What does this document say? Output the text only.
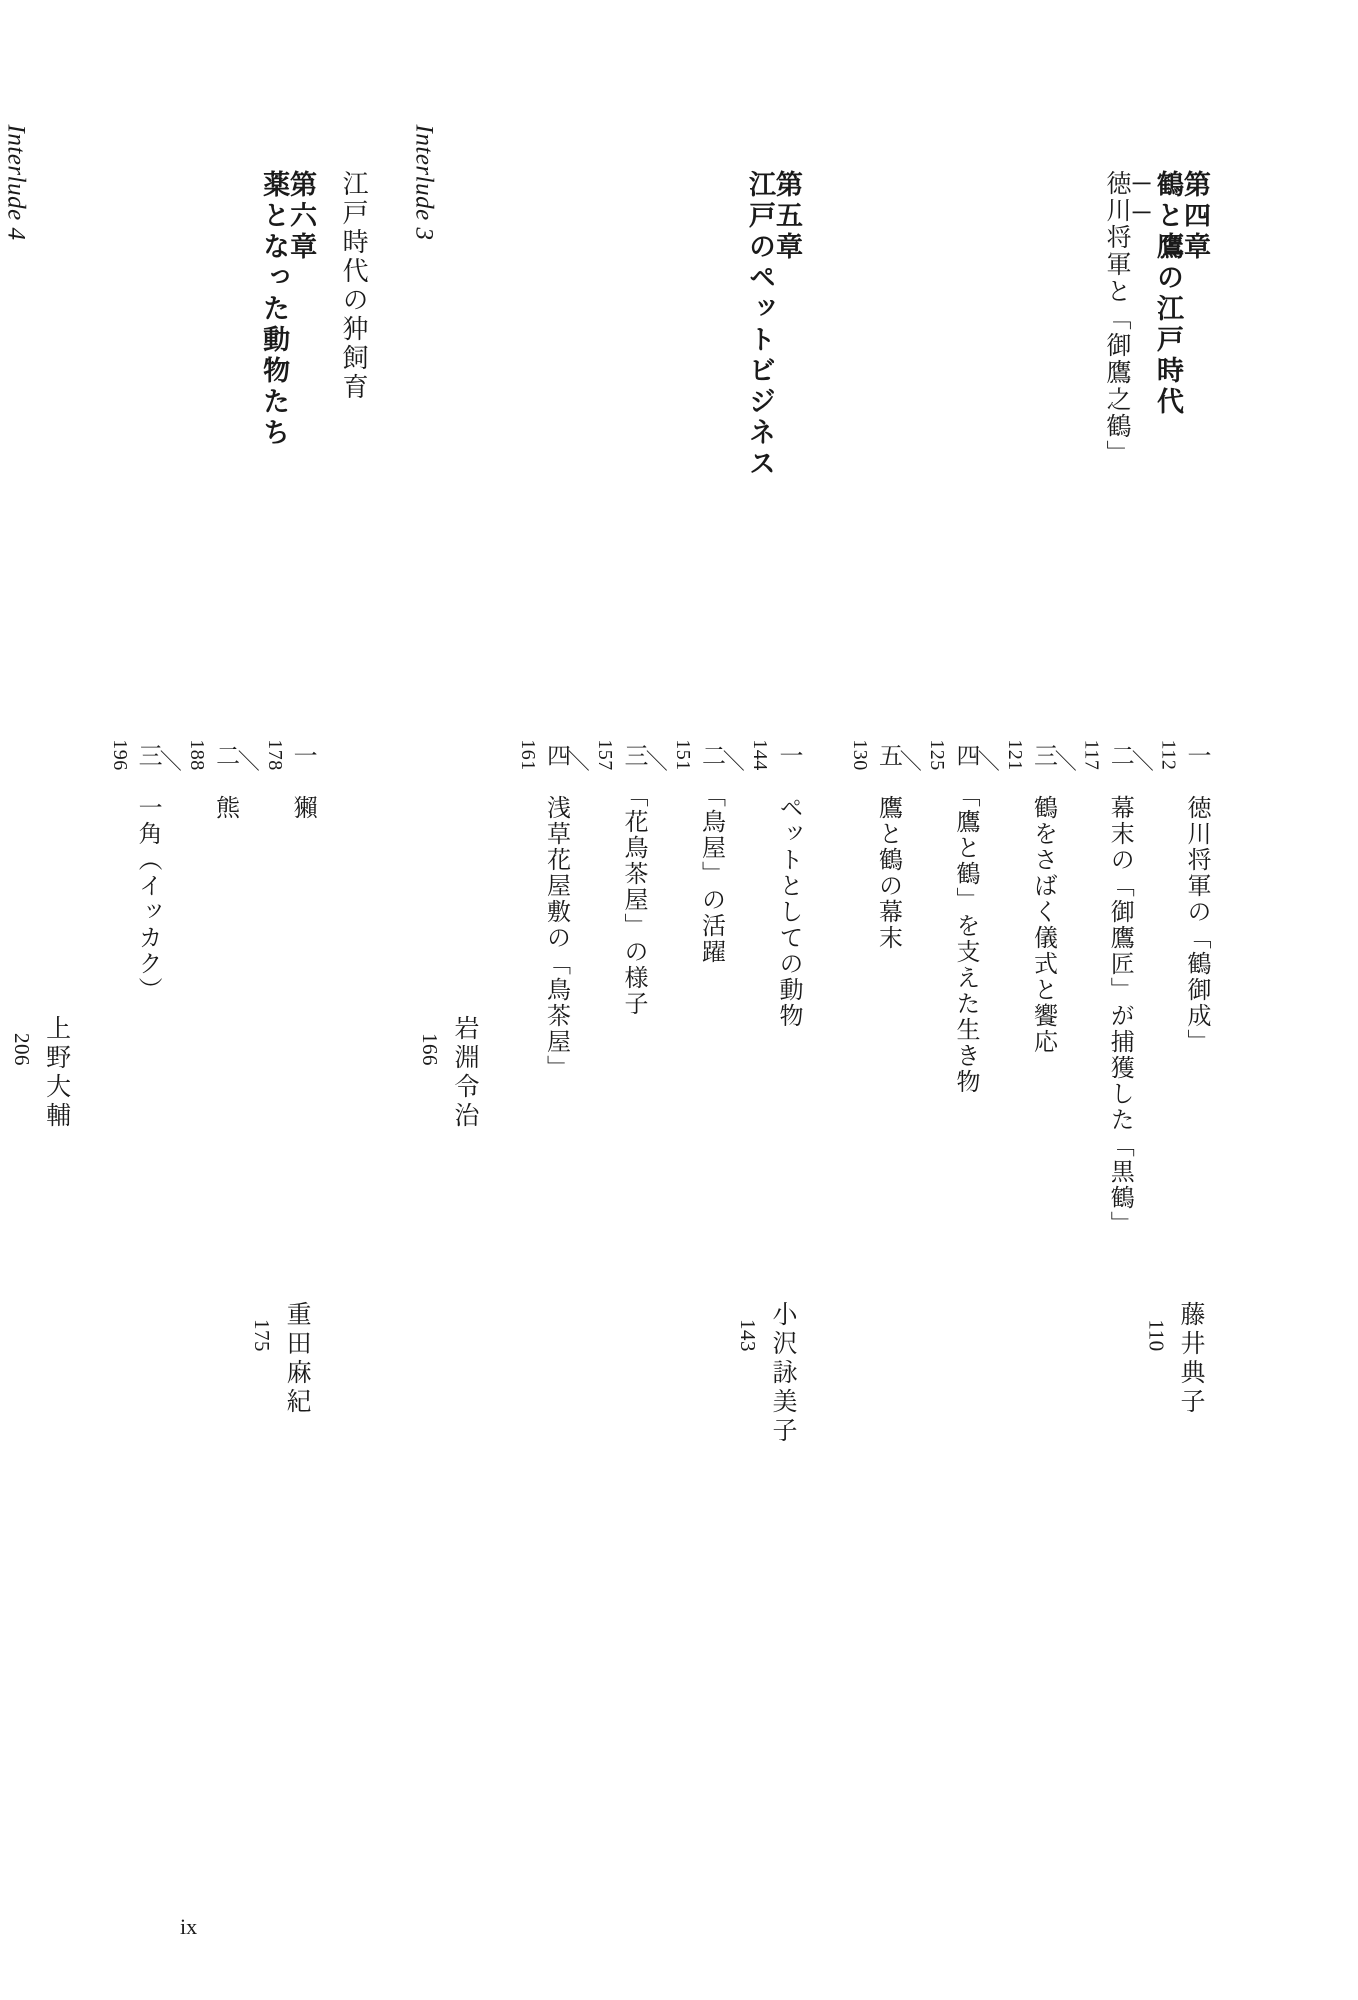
第四章
鶴と鷹の江戸時代
──
徳川将軍と「御鷹之鶴」
一　徳川将軍の「鶴御成」
112
／
二　幕末の「御鷹匠」が捕獲した「黒鶴」
117
／
三　鶴をさばく儀式と饗応
121
／
四　「鷹と鶴」を支えた生き物
125
／
五　鷹と鶴の幕末
130
藤井典子
110
第五章
江戸のペットビジネス
一　ペットとしての動物
144
／
二　「鳥屋」の活躍
151
／
三　「花鳥茶屋」の様子
157
／
四　浅草花屋敷の「鳥茶屋」
161
小沢詠美子
143
Interlude 3
江戸時代の狆飼育
岩淵令治
166
第六章
薬となった動物たち
一　獺
178
／
二　熊
188
／
三　一角（イッカク）
196
重田麻紀
175
Interlude 4
上野大輔
206
ix
